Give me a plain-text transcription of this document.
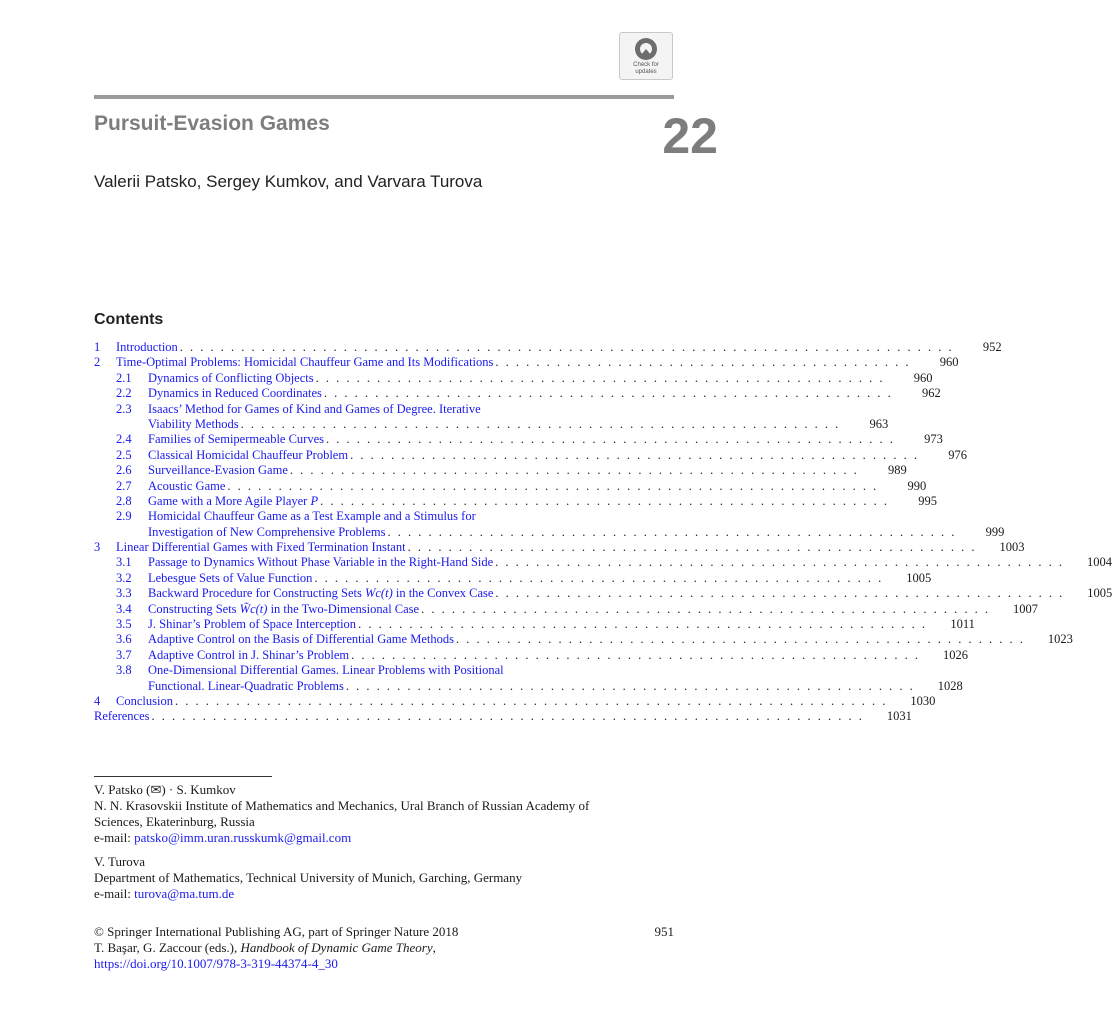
Check for
updates
Pursuit-Evasion Games	22
Valerii Patsko, Sergey Kumkov, and Varvara Turova
Contents
1	Introduction . . . . . . . . . . . . . . . . . . . . . . . . . . . . . . . . . . . . . . . . . . . . . . . . . . . . . . . . . . . . . . . . . . . . . . . . . . . .	952
2	Time-Optimal Problems: Homicidal Chauffeur Game and Its Modifications . . . . . . . . . . . . . . . . . . . . . . . . . . . . . . . . . . . . . . . . .	960
2.1	Dynamics of Conflicting Objects . . . . . . . . . . . . . . . . . . . . . . . . . . . . . . . . . . . . . . . . . . . . . . . . . . . . . . . .	960
2.2	Dynamics in Reduced Coordinates . . . . . . . . . . . . . . . . . . . . . . . . . . . . . . . . . . . . . . . . . . . . . . . . . . . . . . . .	962
2.3	Isaacs’ Method for Games of Kind and Games of Degree. Iterative
Viability Methods . . . . . . . . . . . . . . . . . . . . . . . . . . . . . . . . . . . . . . . . . . . . . . . . . . . . . . . . . . .	963
2.4	Families of Semipermeable Curves . . . . . . . . . . . . . . . . . . . . . . . . . . . . . . . . . . . . . . . . . . . . . . . . . . . . . . . .	973
2.5	Classical Homicidal Chauffeur Problem . . . . . . . . . . . . . . . . . . . . . . . . . . . . . . . . . . . . . . . . . . . . . . . . . . . . . . . .	976
2.6	Surveillance-Evasion Game . . . . . . . . . . . . . . . . . . . . . . . . . . . . . . . . . . . . . . . . . . . . . . . . . . . . . . . .	989
2.7	Acoustic Game . . . . . . . . . . . . . . . . . . . . . . . . . . . . . . . . . . . . . . . . . . . . . . . . . . . . . . . . . . . . . . . .	990
2.8	Game with a More Agile Player P . . . . . . . . . . . . . . . . . . . . . . . . . . . . . . . . . . . . . . . . . . . . . . . . . . . . . . . .	995
2.9	Homicidal Chauffeur Game as a Test Example and a Stimulus for
Investigation of New Comprehensive Problems . . . . . . . . . . . . . . . . . . . . . . . . . . . . . . . . . . . . . . . . . . . . . . . . . . . . . . . .	999
3	Linear Differential Games with Fixed Termination Instant . . . . . . . . . . . . . . . . . . . . . . . . . . . . . . . . . . . . . . . . . . . . . . . . . . . . . . . .	1003
3.1	Passage to Dynamics Without Phase Variable in the Right-Hand Side . . . . . . . . . . . . . . . . . . . . . . . . . . . . . . . . . . . . . . . . . . . . . . . . . . . . . . . .	1004
3.2	Lebesgue Sets of Value Function . . . . . . . . . . . . . . . . . . . . . . . . . . . . . . . . . . . . . . . . . . . . . . . . . . . . . . . .	1005
3.3	Backward Procedure for Constructing Sets Wc(t) in the Convex Case . . . . . . . . . . . . . . . . . . . . . . . . . . . . . . . . . . . . . . . . . . . . . . . . . . . . . . . .	1005
3.4	Constructing Sets W̃c(t) in the Two-Dimensional Case . . . . . . . . . . . . . . . . . . . . . . . . . . . . . . . . . . . . . . . . . . . . . . . . . . . . . . . .	1007
3.5	J. Shinar’s Problem of Space Interception . . . . . . . . . . . . . . . . . . . . . . . . . . . . . . . . . . . . . . . . . . . . . . . . . . . . . . . .	1011
3.6	Adaptive Control on the Basis of Differential Game Methods . . . . . . . . . . . . . . . . . . . . . . . . . . . . . . . . . . . . . . . . . . . . . . . . . . . . . . . .	1023
3.7	Adaptive Control in J. Shinar’s Problem . . . . . . . . . . . . . . . . . . . . . . . . . . . . . . . . . . . . . . . . . . . . . . . . . . . . . . . .	1026
3.8	One-Dimensional Differential Games. Linear Problems with Positional
Functional. Linear-Quadratic Problems . . . . . . . . . . . . . . . . . . . . . . . . . . . . . . . . . . . . . . . . . . . . . . . . . . . . . . . .	1028
4	Conclusion . . . . . . . . . . . . . . . . . . . . . . . . . . . . . . . . . . . . . . . . . . . . . . . . . . . . . . . . . . . . . . . . . . . . . .	1030
References . . . . . . . . . . . . . . . . . . . . . . . . . . . . . . . . . . . . . . . . . . . . . . . . . . . . . . . . . . . . . . . . . . . . . .	1031

V. Patsko (✉) · S. Kumkov

N. N. Krasovskii Institute of Mathematics and Mechanics, Ural Branch of Russian Academy of

Sciences, Ekaterinburg, Russia

e-mail: patsko@imm.uran.russkumk@gmail.com

V. Turova

Department of Mathematics, Technical University of Munich, Garching, Germany

e-mail: turova@ma.tum.de

© Springer International Publishing AG, part of Springer Nature 2018

T. Başar, G. Zaccour (eds.), Handbook of Dynamic Game Theory,

https://doi.org/10.1007/978-3-319-44374-4_30

951
